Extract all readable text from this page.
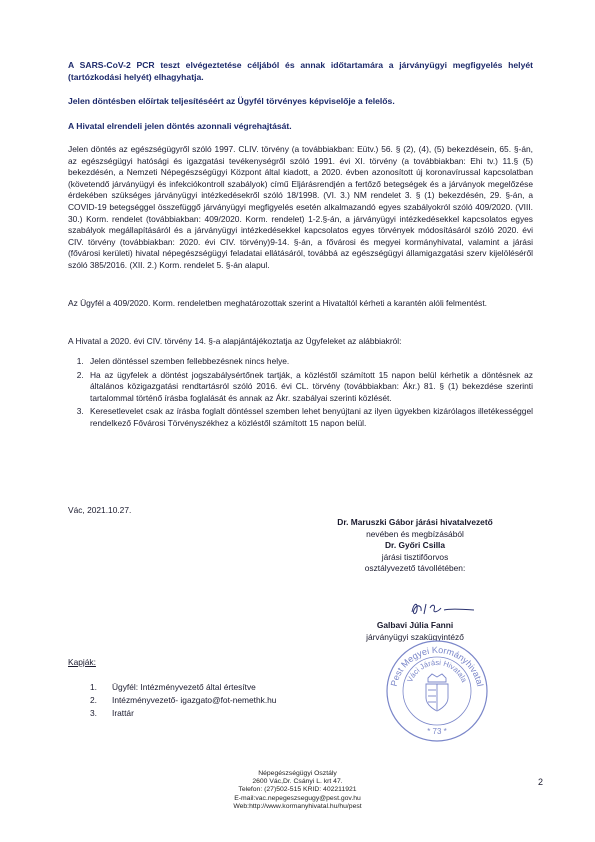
A SARS-CoV-2 PCR teszt elvégeztetése céljából és annak időtartamára a járványügyi megfigyelés helyét (tartózkodási helyét) elhagyhatja.
Jelen döntésben előírtak teljesítéséért az Ügyfél törvényes képviselője a felelős.
A Hivatal elrendeli jelen döntés azonnali végrehajtását.
Jelen döntés az egészségügyről szóló 1997. CLIV. törvény (a továbbiakban: Eütv.) 56. § (2), (4), (5) bekezdésein, 65. §-án, az egészségügyi hatósági és igazgatási tevékenységről szóló 1991. évi XI. törvény (a továbbiakban: Ehi tv.) 11.§ (5) bekezdésén, a Nemzeti Népegészségügyi Központ által kiadott, a 2020. évben azonosított új koronavírussal kapcsolatban (követendő járványügyi és infekciókontroll szabályok) című Eljárásrendjén a fertőző betegségek és a járványok megelőzése érdekében szükséges járványügyi intézkedésekről szóló 18/1998. (VI. 3.) NM rendelet 3. § (1) bekezdésén, 29. §-án, a COVID-19 betegséggel összefüggő járványügyi megfigyelés esetén alkalmazandó egyes szabályokról szóló 409/2020. (VIII. 30.) Korm. rendelet (továbbiakban: 409/2020. Korm. rendelet) 1-2.§-án, a járványügyi intézkedésekkel kapcsolatos egyes szabályok megállapításáról és a járványügyi intézkedésekkel kapcsolatos egyes törvények módosításáról szóló 2020. évi CIV. törvény (továbbiakban: 2020. évi CIV. törvény)9-14. §-án, a fővárosi és megyei kormányhivatal, valamint a járási (fővárosi kerületi) hivatal népegészségügyi feladatai ellátásáról, továbbá az egészségügyi államigazgatási szerv kijelöléséről szóló 385/2016. (XII. 2.) Korm. rendelet 5. §-án alapul.
Az Ügyfél a 409/2020. Korm. rendeletben meghatározottak szerint a Hivataltól kérheti a karantén alóli felmentést.
A Hivatal a 2020. évi CIV. törvény 14. §-a alapjántájékoztatja az Ügyfeleket az alábbiakról:
1. Jelen döntéssel szemben fellebbezésnek nincs helye.
2. Ha az ügyfelek a döntést jogszabálysértőnek tartják, a közléstől számított 15 napon belül kérhetik a döntésnek az általános közigazgatási rendtartásról szóló 2016. évi CL. törvény (továbbiakban: Ákr.) 81. § (1) bekezdése szerinti tartalommal történő írásba foglalását és annak az Ákr. szabályai szerinti közlését.
3. Keresetlevelet csak az írásba foglalt döntéssel szemben lehet benyújtani az ilyen ügyekben kizárólagos illetékességgel rendelkező Fővárosi Törvényszékhez a közléstől számított 15 napon belül.
Vác, 2021.10.27.
Dr. Maruszki Gábor járási hivatalvezető
nevében és megbízásából
Dr. Győri Csilla
járási tisztifőorvos
osztályvezető távollétében:
Galbavi Júlia Fanni
járványügyi szakügyintéző
Pest Megyei Kormányhivatal
Váci Járási Hivatala
* 73 *
Kapják:
1. Ügyfél: Intézményvezető által értesítve
2. Intézményvezető- igazgato@fot-nemethk.hu
3. Irattár
Népegészségügyi Osztály
2600 Vác,Dr. Csányi L. krt 47.
Telefon: (27)502-515 KRID: 402211921
E-mail:vac.nepegeszsegugy@pest.gov.hu
Web:http://www.kormanyhivatal.hu/hu/pest
2
